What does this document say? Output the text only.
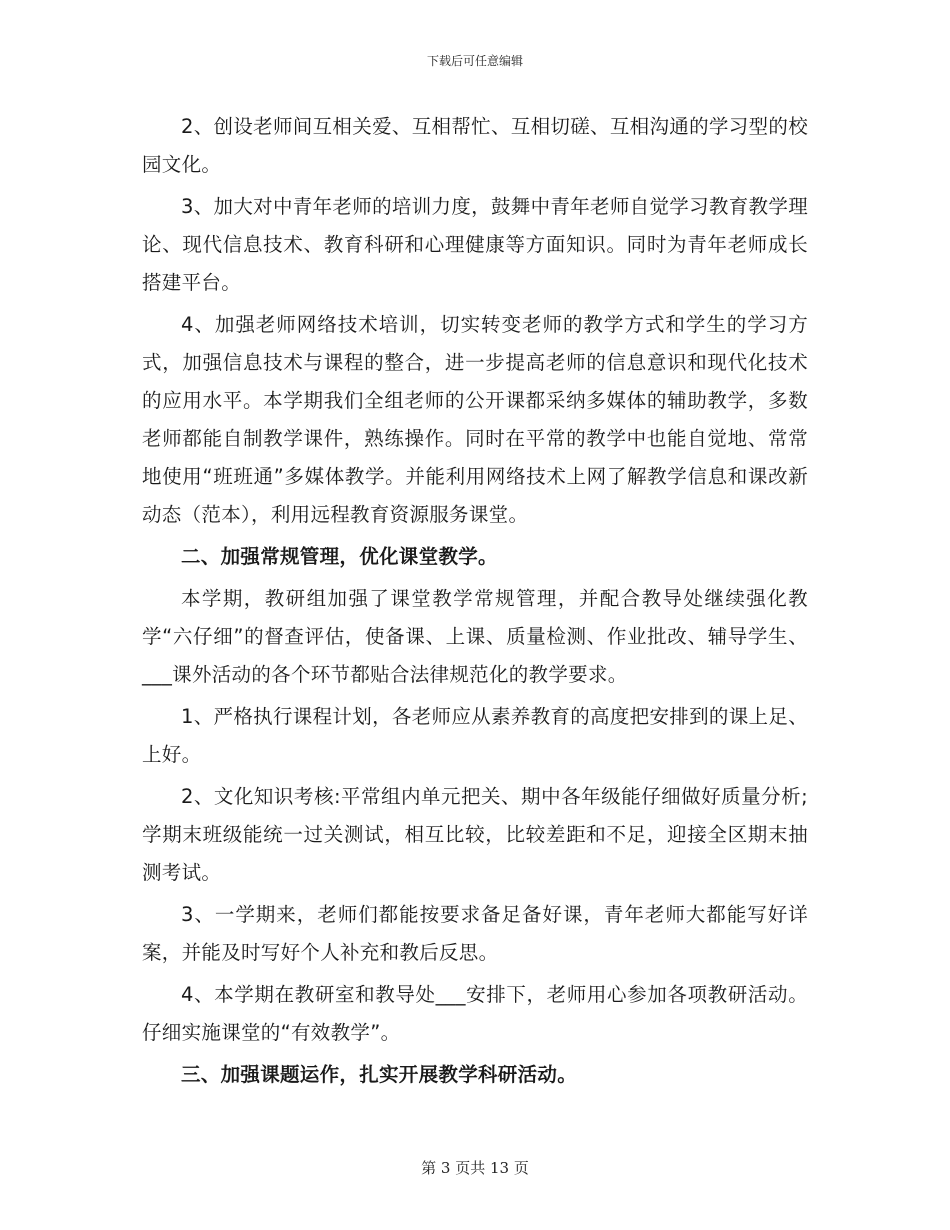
下载后可任意编辑

2、创设老师间互相关爱、互相帮忙、互相切磋、互相沟通的学习型的校园文化。

3、加大对中青年老师的培训力度，鼓舞中青年老师自觉学习教育教学理论、现代信息技术、教育科研和心理健康等方面知识。同时为青年老师成长搭建平台。

4、加强老师网络技术培训，切实转变老师的教学方式和学生的学习方式，加强信息技术与课程的整合，进一步提高老师的信息意识和现代化技术的应用水平。本学期我们全组老师的公开课都采纳多媒体的辅助教学，多数老师都能自制教学课件，熟练操作。同时在平常的教学中也能自觉地、常常地使用“班班通”多媒体教学。并能利用网络技术上网了解教学信息和课改新动态（范本），利用远程教育资源服务课堂。

二、加强常规管理，优化课堂教学。

本学期，教研组加强了课堂教学常规管理，并配合教导处继续强化教学“六仔细”的督查评估，使备课、上课、质量检测、作业批改、辅导学生、___课外活动的各个环节都贴合法律规范化的教学要求。

1、严格执行课程计划，各老师应从素养教育的高度把安排到的课上足、上好。

2、文化知识考核:平常组内单元把关、期中各年级能仔细做好质量分析;学期末班级能统一过关测试，相互比较，比较差距和不足，迎接全区期末抽测考试。

3、一学期来，老师们都能按要求备足备好课，青年老师大都能写好详案，并能及时写好个人补充和教后反思。

4、本学期在教研室和教导处___安排下，老师用心参加各项教研活动。仔细实施课堂的“有效教学”。

三、加强课题运作，扎实开展教学科研活动。

第 3 页共 13 页
